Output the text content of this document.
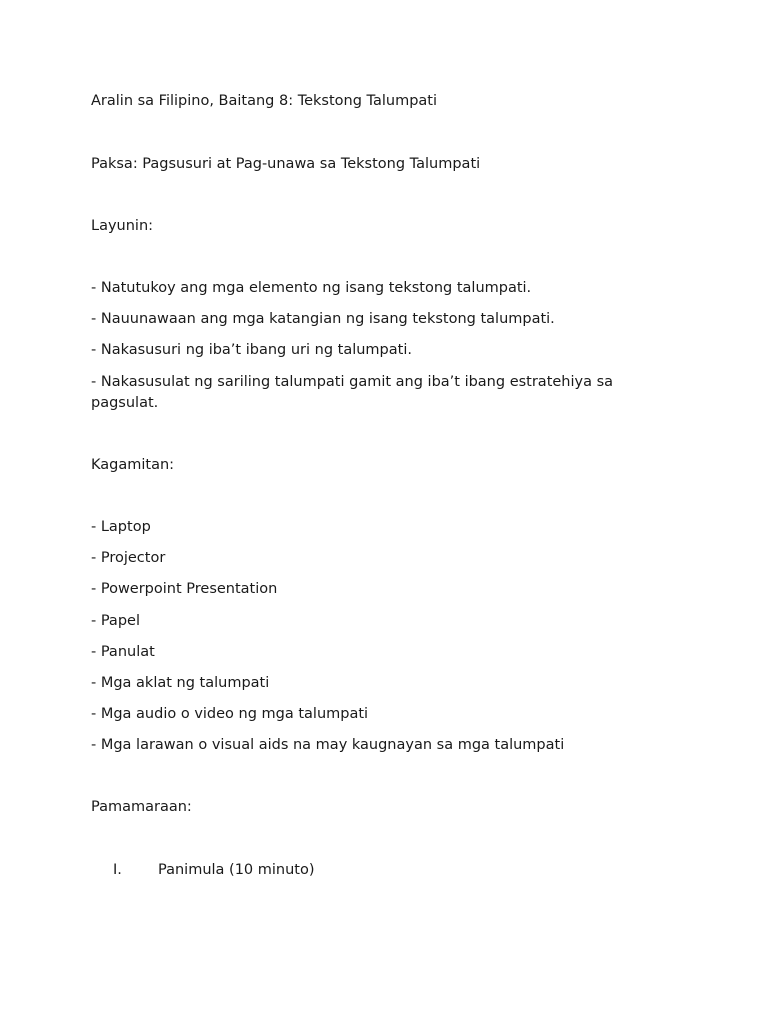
Aralin sa Filipino, Baitang 8: Tekstong Talumpati
Paksa: Pagsusuri at Pag-unawa sa Tekstong Talumpati
Layunin:
- Natutukoy ang mga elemento ng isang tekstong talumpati.
- Nauunawaan ang mga katangian ng isang tekstong talumpati.
- Nakasusuri ng iba’t ibang uri ng talumpati.
- Nakasusulat ng sariling talumpati gamit ang iba’t ibang estratehiya sa pagsulat.
Kagamitan:
- Laptop
- Projector
- Powerpoint Presentation
- Papel
- Panulat
- Mga aklat ng talumpati
- Mga audio o video ng mga talumpati
- Mga larawan o visual aids na may kaugnayan sa mga talumpati
Pamamaraan:
I. Panimula (10 minuto)
